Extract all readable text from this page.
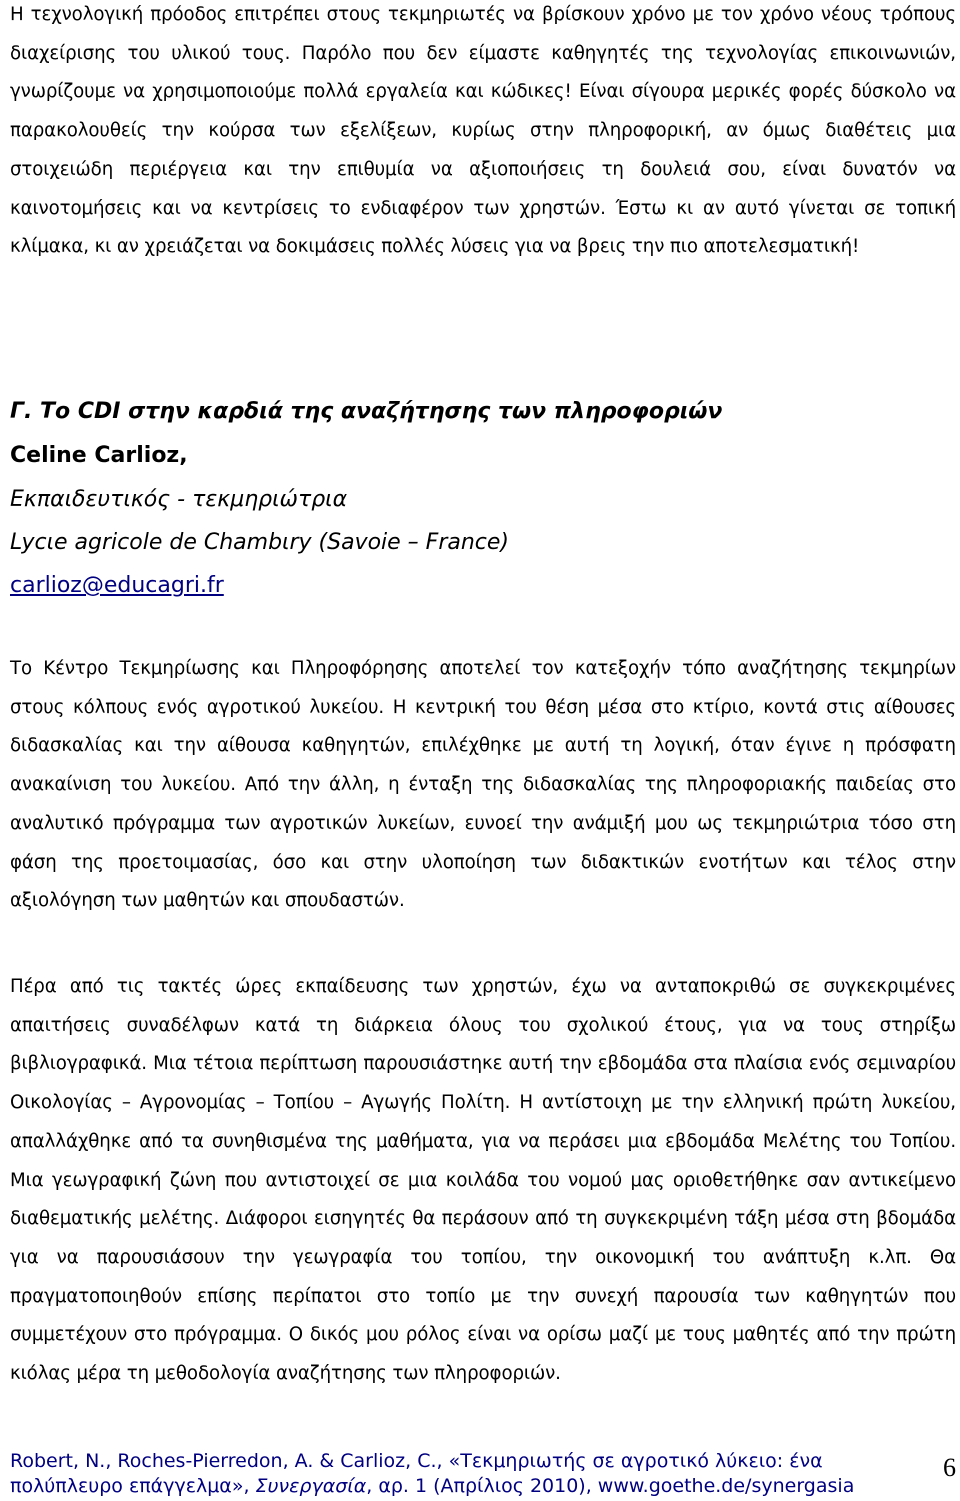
Η τεχνολογική πρόοδος επιτρέπει στους τεκμηριωτές να βρίσκουν χρόνο με τον χρόνο νέους τρόπους διαχείρισης του υλικού τους. Παρόλο που δεν είμαστε καθηγητές της τεχνολογίας επικοινωνιών, γνωρίζουμε να χρησιμοποιούμε πολλά εργαλεία και κώδικες! Είναι σίγουρα μερικές φορές δύσκολο να παρακολουθείς την κούρσα των εξελίξεων, κυρίως στην πληροφορική, αν όμως διαθέτεις μια στοιχειώδη περιέργεια και την επιθυμία να αξιοποιήσεις τη δουλειά σου, είναι δυνατόν να καινοτομήσεις και να κεντρίσεις το ενδιαφέρον των χρηστών. Έστω κι αν αυτό γίνεται σε τοπική κλίμακα, κι αν χρειάζεται να δοκιμάσεις πολλές λύσεις για να βρεις την πιο αποτελεσματική!

Γ. Το CDI στην καρδιά της αναζήτησης των πληροφοριών

Celine Carlioz,

Εκπαιδευτικός - τεκμηριώτρια

Lycιe agricole de Chambιry (Savoie – France)

carlioz@educagri.fr

Το Κέντρο Τεκμηρίωσης και Πληροφόρησης αποτελεί τον κατεξοχήν τόπο αναζήτησης τεκμηρίων στους κόλπους ενός αγροτικού λυκείου. Η κεντρική του θέση μέσα στο κτίριο, κοντά στις αίθουσες διδασκαλίας και την αίθουσα καθηγητών, επιλέχθηκε με αυτή τη λογική, όταν έγινε η πρόσφατη ανακαίνιση του λυκείου. Από την άλλη, η ένταξη της διδασκαλίας της πληροφοριακής παιδείας στο αναλυτικό πρόγραμμα των αγροτικών λυκείων, ευνοεί την ανάμιξή μου ως τεκμηριώτρια τόσο στη φάση της προετοιμασίας, όσο και στην υλοποίηση των διδακτικών ενοτήτων και τέλος στην αξιολόγηση των μαθητών και σπουδαστών.

Πέρα από τις τακτές ώρες εκπαίδευσης των χρηστών, έχω να ανταποκριθώ σε συγκεκριμένες απαιτήσεις συναδέλφων κατά τη διάρκεια όλους του σχολικού έτους, για να τους στηρίξω βιβλιογραφικά. Μια τέτοια περίπτωση παρουσιάστηκε αυτή την εβδομάδα στα πλαίσια ενός σεμιναρίου Οικολογίας – Αγρονομίας – Τοπίου – Αγωγής Πολίτη. Η αντίστοιχη με την ελληνική πρώτη λυκείου, απαλλάχθηκε από τα συνηθισμένα της μαθήματα, για να περάσει μια εβδομάδα Μελέτης του Τοπίου. Μια γεωγραφική ζώνη που αντιστοιχεί σε μια κοιλάδα του νομού μας οριοθετήθηκε σαν αντικείμενο διαθεματικής μελέτης. Διάφοροι εισηγητές θα περάσουν από τη συγκεκριμένη τάξη μέσα στη βδομάδα για να παρουσιάσουν την γεωγραφία του τοπίου, την οικονομική του ανάπτυξη κ.λπ. Θα πραγματοποιηθούν επίσης περίπατοι στο τοπίο με την συνεχή παρουσία των καθηγητών που συμμετέχουν στο πρόγραμμα. Ο δικός μου ρόλος είναι να ορίσω μαζί με τους μαθητές από την πρώτη κιόλας μέρα τη μεθοδολογία αναζήτησης των πληροφοριών.

Robert, N., Roches-Pierredon, A. & Carlioz, C., «Τεκμηριωτής σε αγροτικό λύκειο: ένα πολύπλευρο επάγγελμα», Συνεργασία, αρ. 1 (Απρίλιος 2010), www.goethe.de/synergasia

6
